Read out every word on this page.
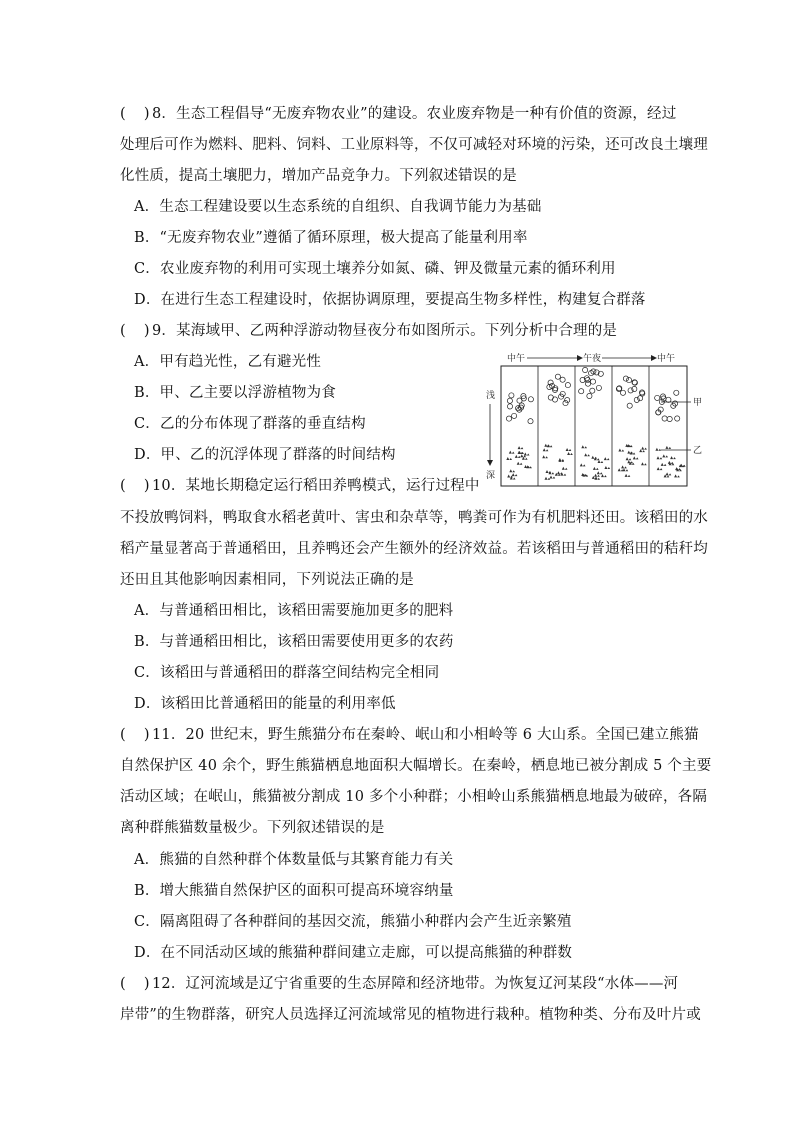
( ) 8．生态工程倡导“无废弃物农业”的建设。农业废弃物是一种有价值的资源，经过
处理后可作为燃料、肥料、饲料、工业原料等，不仅可减轻对环境的污染，还可改良土壤理
化性质，提高土壤肥力，增加产品竞争力。下列叙述错误的是
A．生态工程建设要以生态系统的自组织、自我调节能力为基础
B．“无废弃物农业”遵循了循环原理，极大提高了能量利用率
C．农业废弃物的利用可实现土壤养分如氮、磷、钾及微量元素的循环利用
D．在进行生态工程建设时，依据协调原理，要提高生物多样性，构建复合群落
( ) 9．某海域甲、乙两种浮游动物昼夜分布如图所示。下列分析中合理的是
A．甲有趋光性，乙有避光性
B．甲、乙主要以浮游植物为食
C．乙的分布体现了群落的垂直结构
D．甲、乙的沉浮体现了群落的时间结构
中午	午夜	中午
浅
深
甲
乙
( ) 10．某地长期稳定运行稻田养鸭模式，运行过程中
不投放鸭饲料，鸭取食水稻老黄叶、害虫和杂草等，鸭粪可作为有机肥料还田。该稻田的水
稻产量显著高于普通稻田，且养鸭还会产生额外的经济效益。若该稻田与普通稻田的秸秆均
还田且其他影响因素相同，下列说法正确的是
A．与普通稻田相比，该稻田需要施加更多的肥料
B．与普通稻田相比，该稻田需要使用更多的农药
C．该稻田与普通稻田的群落空间结构完全相同
D．该稻田比普通稻田的能量的利用率低
( ) 11．20 世纪末，野生熊猫分布在秦岭、岷山和小相岭等 6 大山系。全国已建立熊猫
自然保护区 40 余个，野生熊猫栖息地面积大幅增长。在秦岭，栖息地已被分割成 5 个主要
活动区域；在岷山，熊猫被分割成 10 多个小种群；小相岭山系熊猫栖息地最为破碎，各隔
离种群熊猫数量极少。下列叙述错误的是
A．熊猫的自然种群个体数量低与其繁育能力有关
B．增大熊猫自然保护区的面积可提高环境容纳量
C．隔离阻碍了各种群间的基因交流，熊猫小种群内会产生近亲繁殖
D．在不同活动区域的熊猫种群间建立走廊，可以提高熊猫的种群数
( ) 12．辽河流域是辽宁省重要的生态屏障和经济地带。为恢复辽河某段“水体——河
岸带”的生物群落，研究人员选择辽河流域常见的植物进行栽种。植物种类、分布及叶片或
